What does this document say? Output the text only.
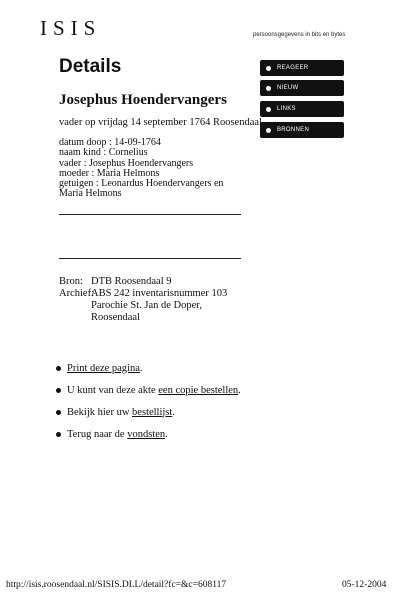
ISIS	persoonsgegevens in bits en bytes
REAGEER
NIEUW
LINKS
BRONNEN
Details
Josephus Hoendervangers
vader op vrijdag 14 september 1764 Roosendaal
datum doop : 14-09-1764
naam kind : Cornelius
vader : Josephus Hoendervangers
moeder : Maria Helmons
getuigen : Leonardus Hoendervangers en Maria Helmons
Bron: DTB Roosendaal 9
Archief:
ABS 242 inventarisnummer 103
Parochie St. Jan de Doper,
Roosendaal
Print deze pagina .
U kunt van deze akte een copie bestellen .
Bekijk hier uw bestellijst .
Terug naar de vondsten .
http://isis.roosendaal.nl/SISIS.DLL/detail?fc=&c=608117	05-12-2004
